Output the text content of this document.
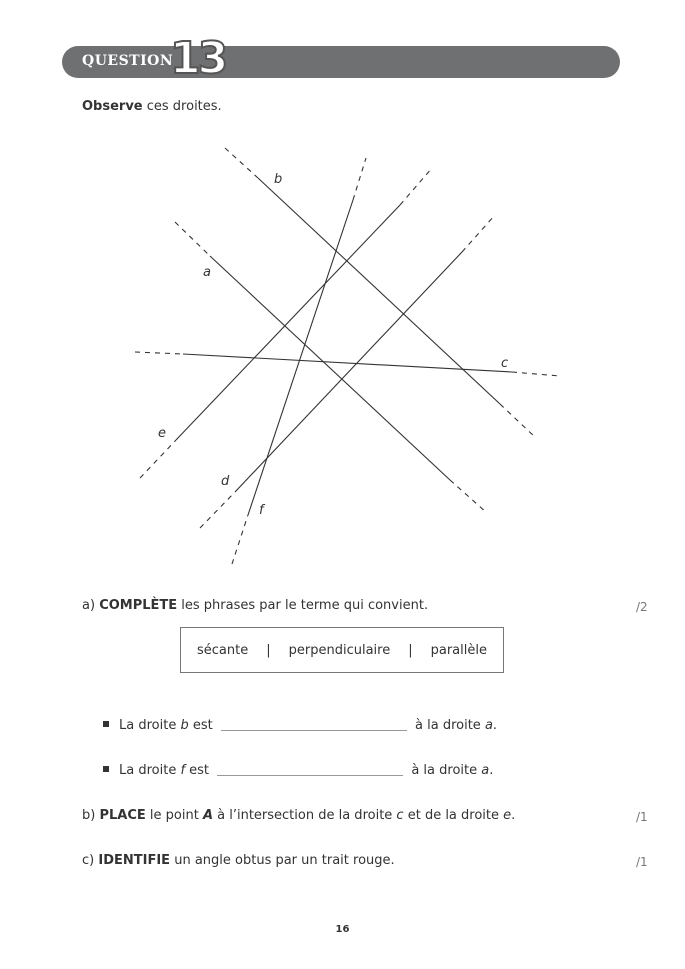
QUESTION
13
Observe ces droites.
a
b
c
d
e
f
a) COMPLÈTE les phrases par le terme qui convient.	/2
sécante | perpendiculaire | parallèle
La droite b est	à la droite a.
La droite f est	à la droite a.
b) PLACE le point A à l’intersection de la droite c et de la droite e.	/1
c) IDENTIFIE un angle obtus par un trait rouge.	/1
16
